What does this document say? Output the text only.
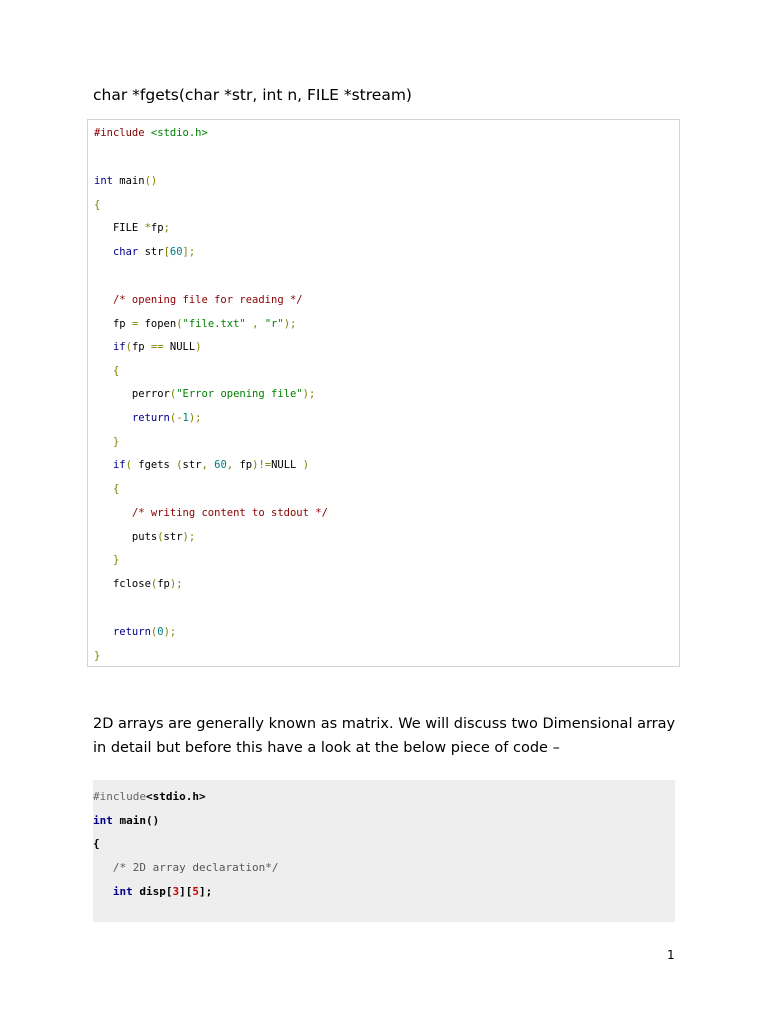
char *fgets(char *str, int n, FILE *stream)
#include <stdio.h>
int main()
{
FILE *fp;
char str[60];
/* opening file for reading */
fp = fopen("file.txt" , "r");
if(fp == NULL)
{
perror("Error opening file");
return(-1);
}
if( fgets (str, 60, fp)!=NULL )
{
/* writing content to stdout */
puts(str);
}
fclose(fp);
return(0);
}

2D arrays are generally known as matrix. We will discuss two Dimensional array in detail but before this have a look at the below piece of code –

#include<stdio.h>
int main()
{
/* 2D array declaration*/
int disp[3][5];
1
